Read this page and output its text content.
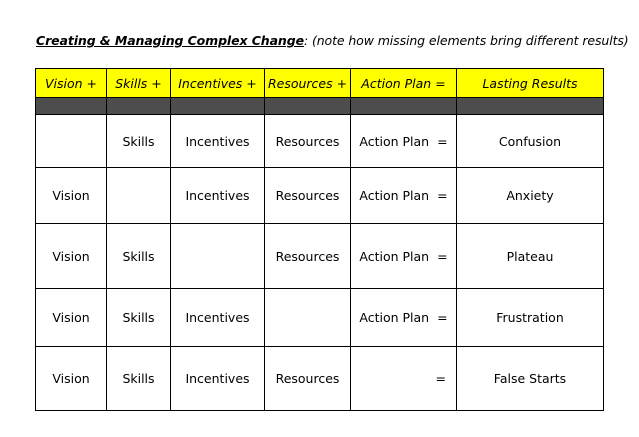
Creating & Managing Complex Change: (note how missing elements bring different results)
Vision +	Skills +	Incentives +	Resources +	Action Plan =	Lasting Results

	Skills	Incentives	Resources	Action Plan =	Confusion
Vision		Incentives	Resources	Action Plan =	Anxiety
Vision	Skills		Resources	Action Plan =	Plateau
Vision	Skills	Incentives		Action Plan =	Frustration
Vision	Skills	Incentives	Resources	=	False Starts
